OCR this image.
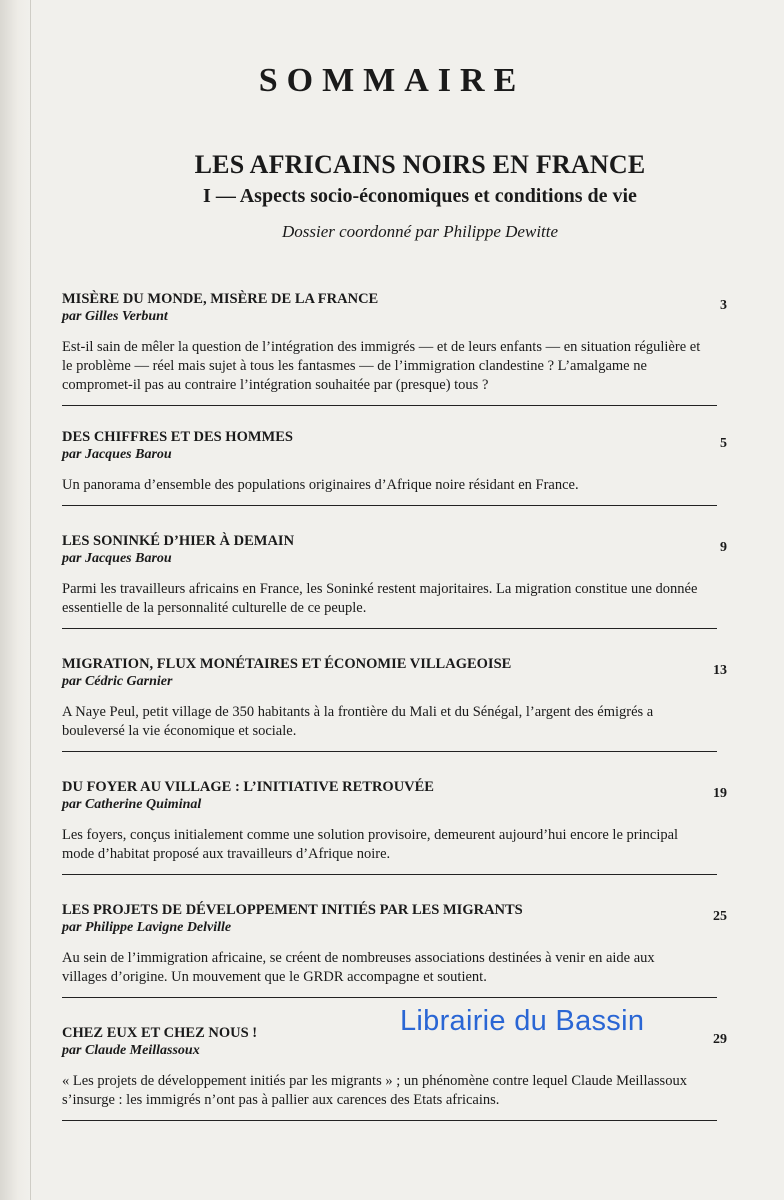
SOMMAIRE
LES AFRICAINS NOIRS EN FRANCE
I — Aspects socio-économiques et conditions de vie
Dossier coordonné par Philippe Dewitte
MISÈRE DU MONDE, MISÈRE DE LA FRANCE	3
par Gilles Verbunt
Est-il sain de mêler la question de l’intégration des immigrés — et de leurs enfants — en situation régulière et le problème — réel mais sujet à tous les fantasmes — de l’immigration clandestine ? L’amalgame ne compromet-il pas au contraire l’intégration souhaitée par (presque) tous ?
DES CHIFFRES ET DES HOMMES	5
par Jacques Barou
Un panorama d’ensemble des populations originaires d’Afrique noire résidant en France.
LES SONINKÉ D’HIER À DEMAIN	9
par Jacques Barou
Parmi les travailleurs africains en France, les Soninké restent majoritaires. La migration constitue une donnée essentielle de la personnalité culturelle de ce peuple.
MIGRATION, FLUX MONÉTAIRES ET ÉCONOMIE VILLAGEOISE	13
par Cédric Garnier
A Naye Peul, petit village de 350 habitants à la frontière du Mali et du Sénégal, l’argent des émigrés a bouleversé la vie économique et sociale.
DU FOYER AU VILLAGE : L’INITIATIVE RETROUVÉE	19
par Catherine Quiminal
Les foyers, conçus initialement comme une solution provisoire, demeurent aujourd’hui encore le principal mode d’habitat proposé aux travailleurs d’Afrique noire.
LES PROJETS DE DÉVELOPPEMENT INITIÉS PAR LES MIGRANTS	25
par Philippe Lavigne Delville
Au sein de l’immigration africaine, se créent de nombreuses associations destinées à venir en aide aux villages d’origine. Un mouvement que le GRDR accompagne et soutient.
CHEZ EUX ET CHEZ NOUS !	29
par Claude Meillassoux
« Les projets de développement initiés par les migrants » ; un phénomène contre lequel Claude Meillassoux s’insurge : les immigrés n’ont pas à pallier aux carences des Etats africains.
Librairie du Bassin
